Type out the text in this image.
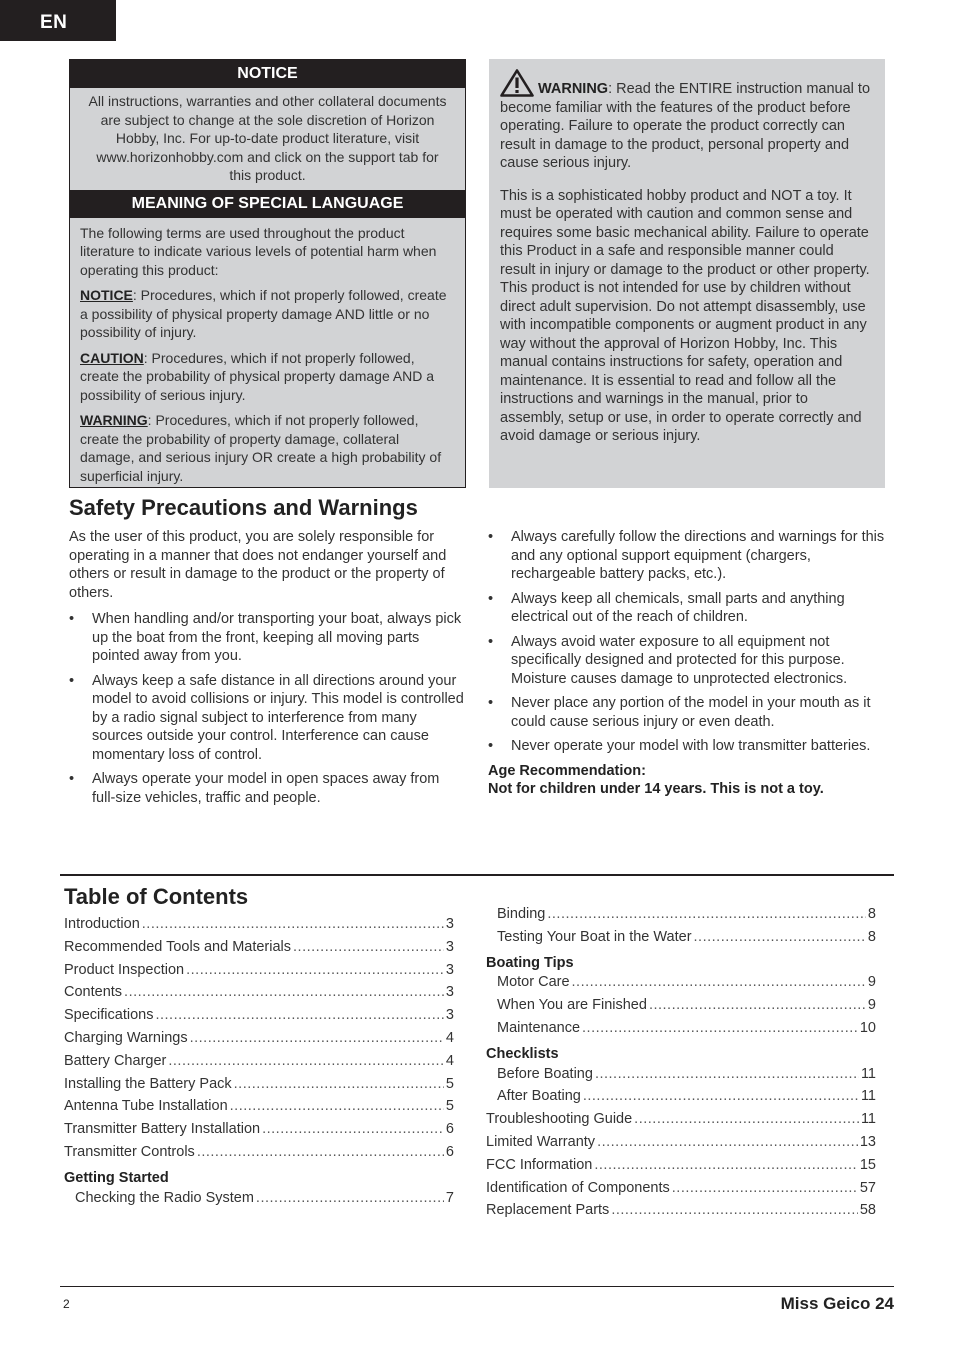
EN
NOTICE
All instructions, warranties and other collateral documents are subject to change at the sole discretion of Horizon Hobby, Inc. For up-to-date product literature, visit www.horizonhobby.com and click on the support tab for this product.
MEANING OF SPECIAL LANGUAGE
The following terms are used throughout the product literature to indicate various levels of potential harm when operating this product:
NOTICE: Procedures, which if not properly followed, create a possibility of physical property damage AND little or no possibility of injury.
CAUTION: Procedures, which if not properly followed, create the probability of physical property damage AND a possibility of serious injury.
WARNING: Procedures, which if not properly followed, create the probability of property damage, collateral damage, and serious injury OR create a high probability of superficial injury.

WARNING: Read the ENTIRE instruction manual to become familiar with the features of the product before operating. Failure to operate the product correctly can result in damage to the product, personal property and cause serious injury.

This is a sophisticated hobby product and NOT a toy. It must be operated with caution and common sense and requires some basic mechanical ability. Failure to operate this Product in a safe and responsible manner could result in injury or damage to the product or other property. This product is not intended for use by children without direct adult supervision. Do not attempt disassembly, use with incompatible components or augment product in any way without the approval of Horizon Hobby, Inc. This manual contains instructions for safety, operation and maintenance. It is essential to read and follow all the instructions and warnings in the manual, prior to assembly, setup or use, in order to operate correctly and avoid damage or serious injury.

Safety Precautions and Warnings

As the user of this product, you are solely responsible for operating in a manner that does not endanger yourself and others or result in damage to the product or the property of others.

• When handling and/or transporting your boat, always pick up the boat from the front, keeping all moving parts pointed away from you.
• Always keep a safe distance in all directions around your model to avoid collisions or injury. This model is controlled by a radio signal subject to interference from many sources outside your control. Interference can cause momentary loss of control.
• Always operate your model in open spaces away from full-size vehicles, traffic and people.
• Always carefully follow the directions and warnings for this and any optional support equipment (chargers, rechargeable battery packs, etc.).
• Always keep all chemicals, small parts and anything electrical out of the reach of children.
• Always avoid water exposure to all equipment not specifically designed and protected for this purpose. Moisture causes damage to unprotected electronics.
• Never place any portion of the model in your mouth as it could cause serious injury or even death.
• Never operate your model with low transmitter batteries.
Age Recommendation:
Not for children under 14 years. This is not a toy.
Table of Contents
Introduction .....	3
Recommended Tools and Materials .....	3
Product Inspection .....	3
Contents .....	3
Specifications .....	3
Charging Warnings .....	4
Battery Charger .....	4
Installing the Battery Pack .....	5
Antenna Tube Installation .....	5
Transmitter Battery Installation .....	6
Transmitter Controls .....	6
Getting Started
Checking the Radio System .....	7
Binding .....	8
Testing Your Boat in the Water .....	8
Boating Tips
Motor Care .....	9
When You are Finished .....	9
Maintenance .....	10
Checklists
Before Boating .....	11
After Boating .....	11
Troubleshooting Guide .....	11
Limited Warranty .....	13
FCC Information .....	15
Identification of Components .....	57
Replacement Parts .....	58
2	Miss Geico 24
